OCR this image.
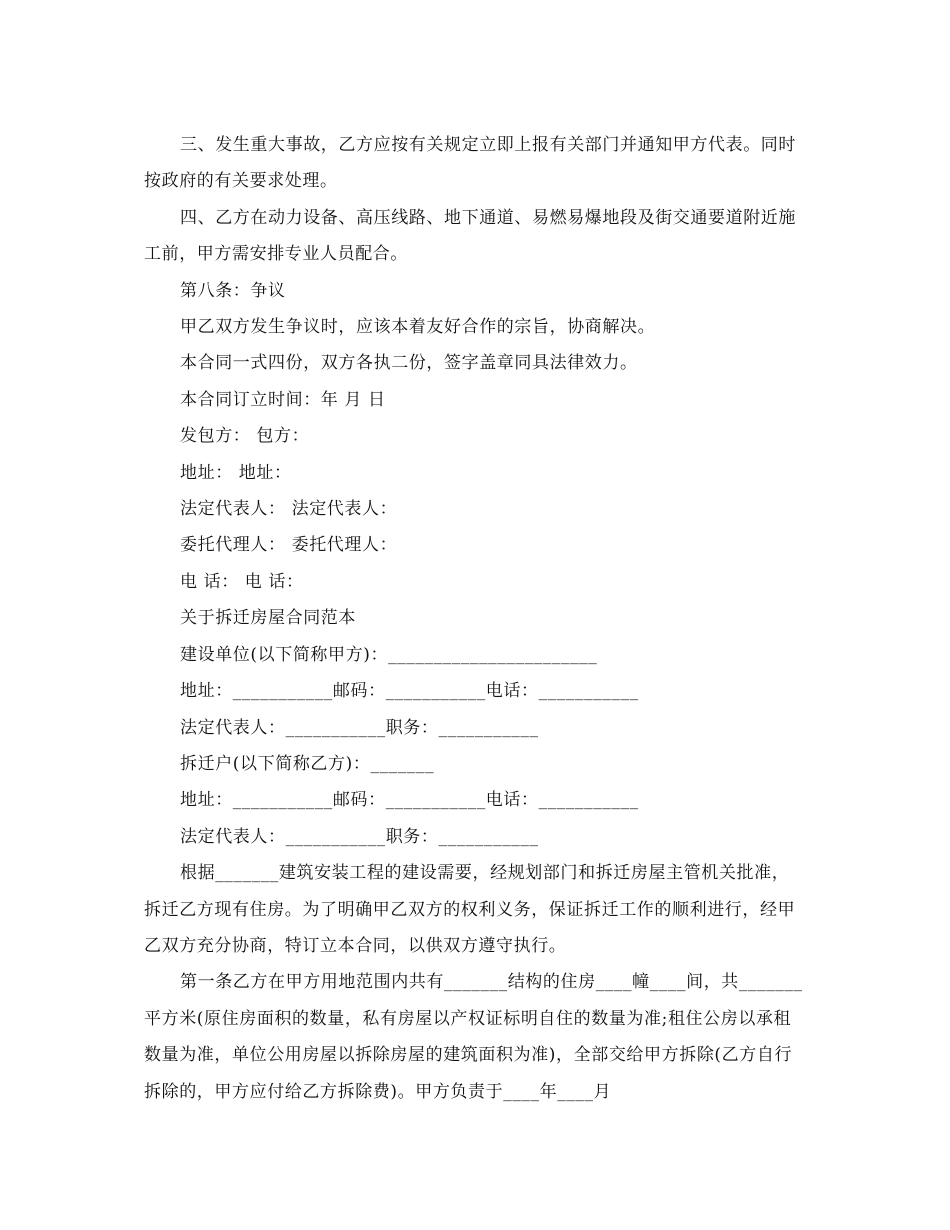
三、发生重大事故，乙方应按有关规定立即上报有关部门并通知甲方代表。同时按政府的有关要求处理。

四、乙方在动力设备、高压线路、地下通道、易燃易爆地段及街交通要道附近施工前，甲方需安排专业人员配合。

第八条：争议

甲乙双方发生争议时，应该本着友好合作的宗旨，协商解决。

本合同一式四份，双方各执二份，签字盖章同具法律效力。

本合同订立时间：年 月 日

发包方： 包方：

地址： 地址：

法定代表人： 法定代表人：

委托代理人： 委托代理人：

电 话： 电 话：

关于拆迁房屋合同范本

建设单位(以下简称甲方)：_______________________

地址：___________邮码：___________电话：___________

法定代表人：___________职务：___________

拆迁户(以下简称乙方)：_______

地址：___________邮码：___________电话：___________

法定代表人：___________职务：___________

根据_______建筑安装工程的建设需要，经规划部门和拆迁房屋主管机关批准，拆迁乙方现有住房。为了明确甲乙双方的权利义务，保证拆迁工作的顺利进行，经甲乙双方充分协商，特订立本合同，以供双方遵守执行。

第一条乙方在甲方用地范围内共有_______结构的住房____幢____间，共_______平方米(原住房面积的数量，私有房屋以产权证标明自住的数量为准;租住公房以承租数量为准，单位公用房屋以拆除房屋的建筑面积为准)，全部交给甲方拆除(乙方自行拆除的，甲方应付给乙方拆除费)。甲方负责于____年____月
